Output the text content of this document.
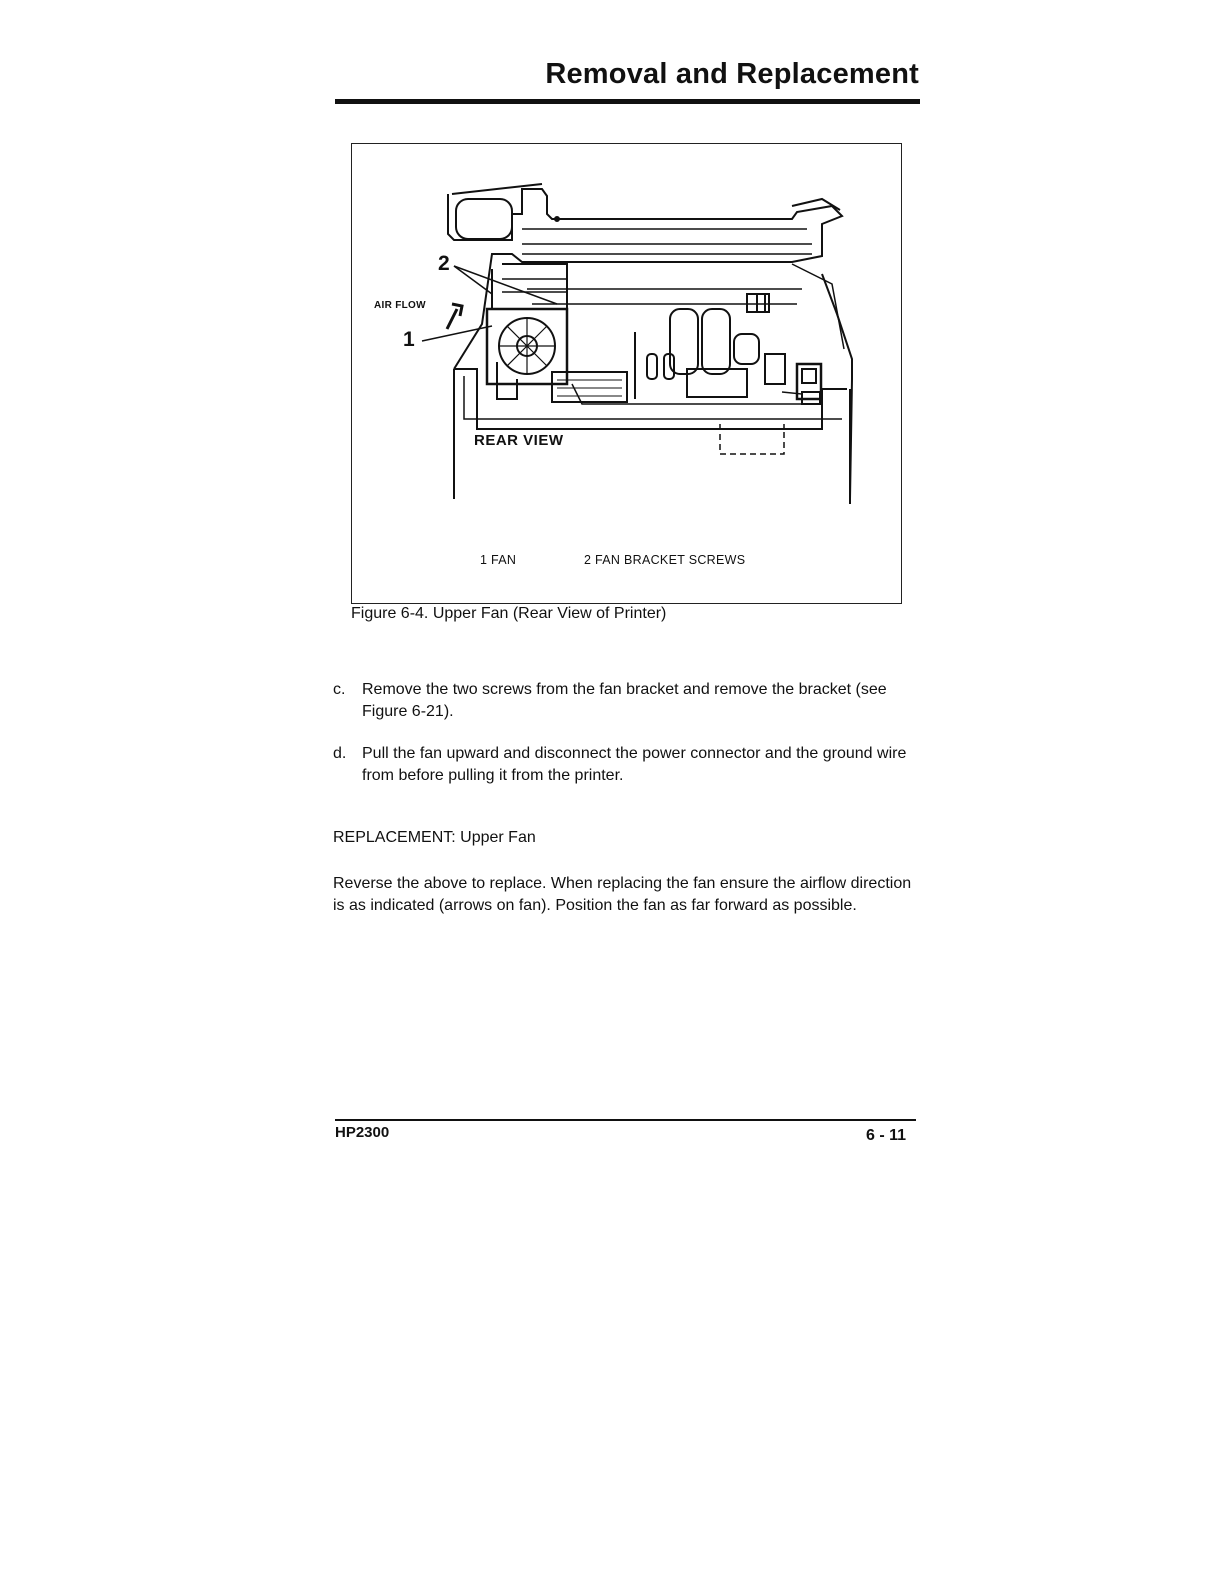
Removal and Replacement
2
1
AIR FLOW
REAR VIEW
1 FAN	2 FAN BRACKET SCREWS
Figure 6-4. Upper Fan (Rear View of Printer)
c. Remove the two screws from the fan bracket and remove the bracket (see Figure 6-21).
d. Pull the fan upward and disconnect the power connector and the ground wire from before pulling it from the printer.
REPLACEMENT: Upper Fan
Reverse the above to replace. When replacing the fan ensure the airflow direction is as indicated (arrows on fan). Position the fan as far forward as possible.
HP2300	6 - 11
